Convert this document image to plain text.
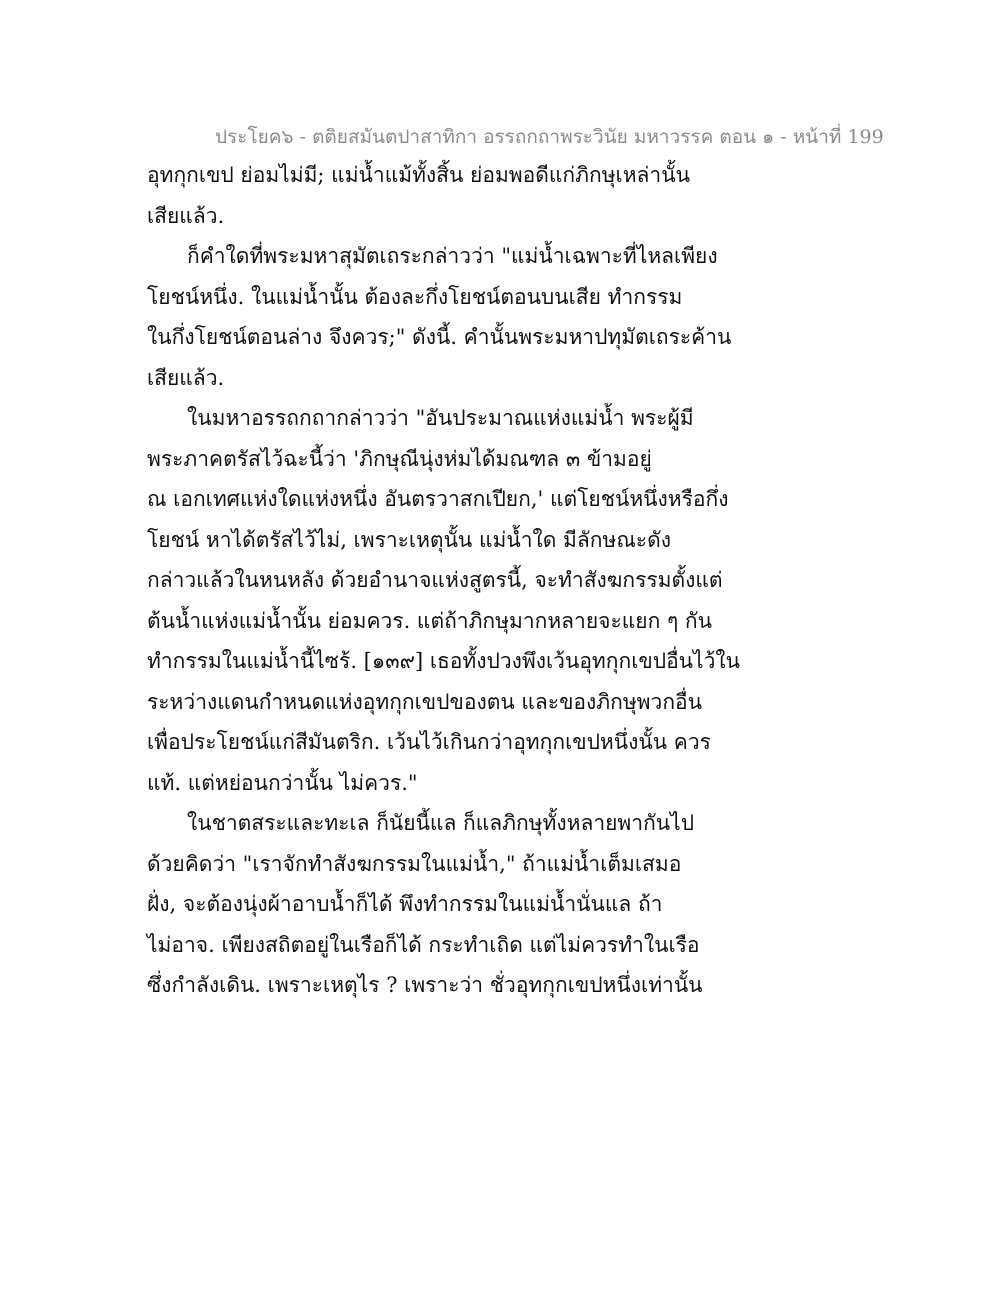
ประโยค๖ - ตติยสมันตปาสาทิกา อรรถกถาพระวินัย มหาวรรค ตอน ๑ - หน้าที่ 199
อุทกุกเขป ย่อมไม่มี; แม่น้ำแม้ทั้งสิ้น ย่อมพอดีแก่ภิกษุเหล่านั้น
เสียแล้ว.
ก็คำใดที่พระมหาสุมัตเถระกล่าวว่า "แม่น้ำเฉพาะที่ไหลเพียง
โยชน์หนึ่ง. ในแม่น้ำนั้น ต้องละกึ่งโยชน์ตอนบนเสีย ทำกรรม
ในกึ่งโยชน์ตอนล่าง จึงควร;" ดังนี้. คำนั้นพระมหาปทุมัตเถระค้าน
เสียแล้ว.
ในมหาอรรถกถากล่าวว่า "อันประมาณแห่งแม่น้ำ พระผู้มี
พระภาคตรัสไว้ฉะนี้ว่า 'ภิกษุณีนุ่งห่มได้มณฑล ๓ ข้ามอยู่
ณ เอกเทศแห่งใดแห่งหนึ่ง อันตรวาสกเปียก,' แต่โยชน์หนึ่งหรือกึ่ง
โยชน์ หาได้ตรัสไว้ไม่, เพราะเหตุนั้น แม่น้ำใด มีลักษณะดัง
กล่าวแล้วในหนหลัง ด้วยอำนาจแห่งสูตรนี้, จะทำสังฆกรรมตั้งแต่
ต้นน้ำแห่งแม่น้ำนั้น ย่อมควร. แต่ถ้าภิกษุมากหลายจะแยก ๆ กัน
ทำกรรมในแม่น้ำนี้ไซร้. [๑๓๙] เธอทั้งปวงพึงเว้นอุทกุกเขปอื่นไว้ใน
ระหว่างแดนกำหนดแห่งอุทกุกเขปของตน และของภิกษุพวกอื่น
เพื่อประโยชน์แก่สีมันตริก. เว้นไว้เกินกว่าอุทกุกเขปหนึ่งนั้น ควร
แท้. แต่หย่อนกว่านั้น ไม่ควร."
ในชาตสระและทะเล ก็นัยนี้แล ก็แลภิกษุทั้งหลายพากันไป
ด้วยคิดว่า "เราจักทำสังฆกรรมในแม่น้ำ," ถ้าแม่น้ำเต็มเสมอ
ฝั่ง, จะต้องนุ่งผ้าอาบน้ำก็ได้ พึงทำกรรมในแม่น้ำนั่นแล ถ้า
ไม่อาจ. เพียงสถิตอยู่ในเรือก็ได้ กระทำเถิด แต่ไม่ควรทำในเรือ
ซึ่งกำลังเดิน. เพราะเหตุไร ? เพราะว่า ชั่วอุทกุกเขปหนึ่งเท่านั้น
